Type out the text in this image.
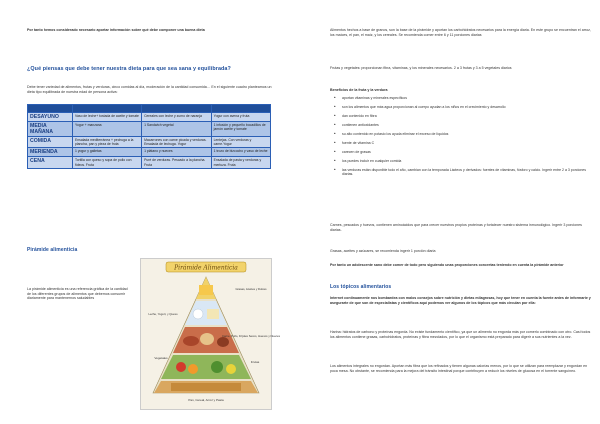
Por tanto hemos considerado necesario aportar información sobre qué debe componer una buena dieta
¿Qué piensas que debe tener nuestra dieta para que sea sana y equilibrada?
Debe tener variedad de alimentos, frutas y verduras, cinco comidas al día, moderación de la cantidad consumida… En el siguiente cuadro planteamos un dieta tipo equilibrada de nuestra edad de persona activa:

DESAYUNO	Vaso de leche+ tostada de aceite y tomate	Cereales con leche y zumo de naranja	Yogur con avena y fruta
MEDIA MAÑANA	Yogur + manzana	1 Sandwich vegetal	1 infusión y pequeño bocadillos de jamón aceite y tomate
COMIDA	Ensalada mediterránea + pechuga a la plancha, pan y pieza de fruta	Macarrones con carne picada y verduras. Ensalada de lechuga. Yogur	Lentejas. Con verduras y carne.Yogur
MERIENDA	1 yogur y galletas	1 plátano y nueces	1 trozo de bizcocho y vaso de leche
CENA	Tortilla con queso y sopa de pollo con fideos. Fruta	Puré de verduras. Pescado a la plancha. Fruta	Ensalada de pasta y verduras y merluza. Fruta
Pirámide alimenticia
La pirámide alimenticia es una referencia gráfica de la cantidad de los diferentes grupos de alimentos que debemos consumir diariamente para mantenernos saludables
Pirámide Alimenticia
Grasas, Aceites y Dulces
Leche, Yogurt, y Queso
Carne, Pollo, Frijoles Secos, Huevos y Nueces
Vegetales
Frutas
Pan, Cereal, Arroz y Pasta
Alimentos hechos a base de granos, son la base de la pirámide y aportan los carbohidratos necesarios para la energía diaria. En este grupo se encuentran el arroz, los maíces, el pan, el maíz, y los cereales. Se recomienda comer entre 6 y 11 porciones diarias
Frutas y vegetales: proporcionan fibra, vitaminas, y los minerales necesarios. 2 a 3 frutas y 3 a 5 vegetales diarios
Beneficios de la fruta y la verdura
• aportan vitaminas y minerales específicos
• son los alimentos que más agua proporcionan al cuerpo ayudan a los niños en el crecimiento y desarrollo
• dan contenido en fibra
• contienen antioxidantes
• su alto contenido en potasio los ayuda eliminar el exceso de líquidos
• fuente de vitamina C
• carecen de grasas
• los puedes incluir en cualquier comida
• las verduras están disponible todo el año, cambian con la temporada Lácteos y derivados: fuentes de vitaminas, fósforo y calcio. Ingerir entre 2 a 3 porciones diarias.
Carnes, pescados y huevos, contienen aminoácidos que para crecer nuestros propios proteínas y fortalecer nuestro sistema inmunológico. Ingerir 3 porciones diarias.
Grasas, aceites y azúcares, se recomienda ingerir 1 porción diaria
Por tanto un adolescente sano debe comer de todo pero siguiendo unas proporciones concretas teniendo en cuenta la pirámide anterior
Los tópicos alimentarios
Internet continuamente nos bombardea con malos consejos sobre nutrición y dietas milagrosas, hoy que tener en cuenta la fuente antes de informarte y asegurarte de que son de especialistas y científicos aquí podemos ver algunos de los tópicos que más circulan por ella:
Harina: hidratos de carbono y proteínas engorda. No existe fundamento científico, ya que un alimento no engorda más por comerlo combinado con otro. Casi todos los alimentos contiene grasas, carbohidratos, proteínas y fibra mezclados, por lo que el organismo está preparado para digerir a sus nutrientes a la vez.
Los alimentos integrales no engordan. Aportan más fibra que los refinados y tienen algunas calorías menos, por lo que se utilizan para reemplazar y engordan en poca mesa. No obstante, se recomienda para la mejora del tránsito intestinal porque contribuyen a reducir los niveles de glucosa en el torrente sanguíneo.
